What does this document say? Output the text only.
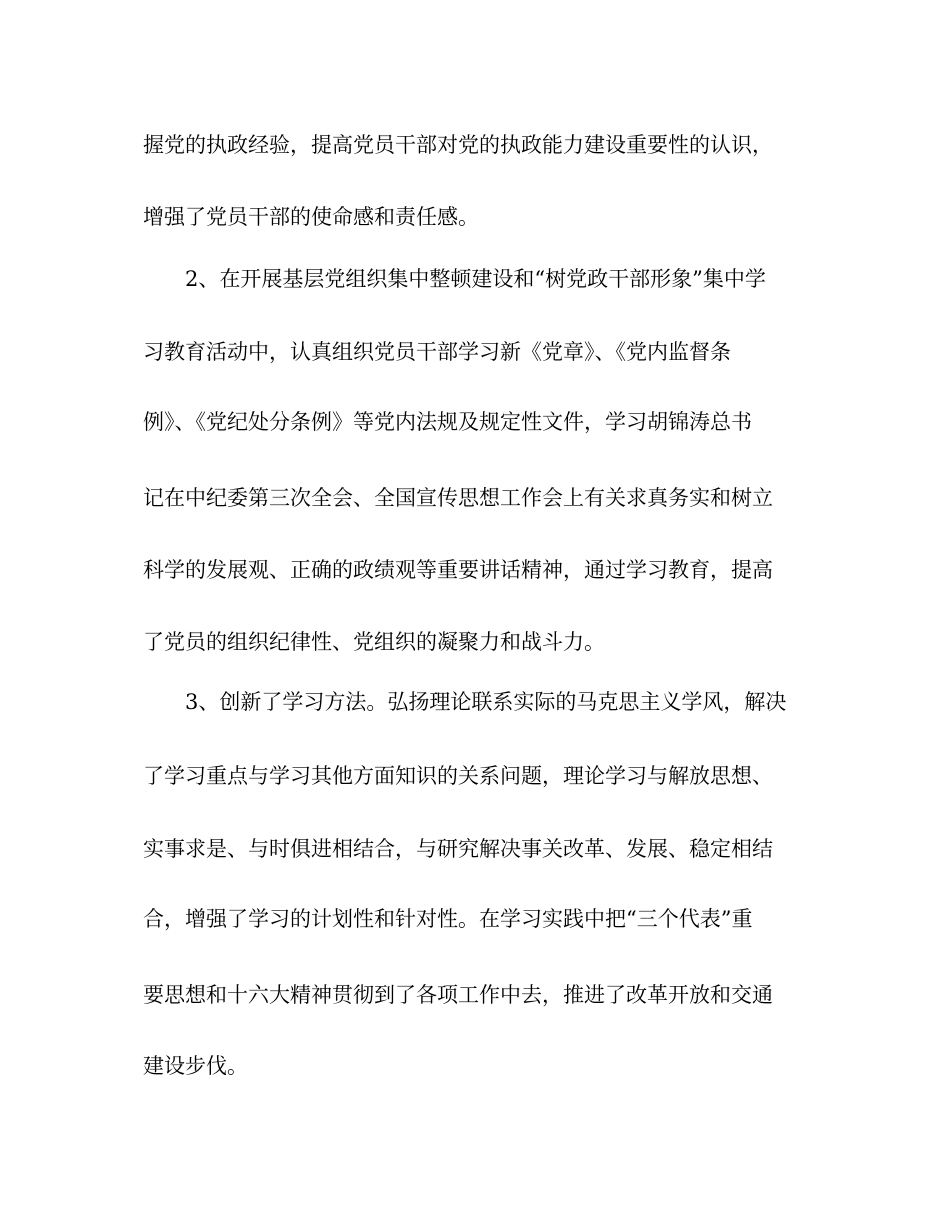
握党的执政经验，提高党员干部对党的执政能力建设重要性的认识，
增强了党员干部的使命感和责任感。
2、在开展基层党组织集中整顿建设和“树党政干部形象”集中学
习教育活动中，认真组织党员干部学习新《党章》、《党内监督条
例》、《党纪处分条例》等党内法规及规定性文件，学习胡锦涛总书
记在中纪委第三次全会、全国宣传思想工作会上有关求真务实和树立
科学的发展观、正确的政绩观等重要讲话精神，通过学习教育，提高
了党员的组织纪律性、党组织的凝聚力和战斗力。
3、创新了学习方法。弘扬理论联系实际的马克思主义学风，解决
了学习重点与学习其他方面知识的关系问题，理论学习与解放思想、
实事求是、与时俱进相结合，与研究解决事关改革、发展、稳定相结
合，增强了学习的计划性和针对性。在学习实践中把“三个代表”重
要思想和十六大精神贯彻到了各项工作中去，推进了改革开放和交通
建设步伐。
